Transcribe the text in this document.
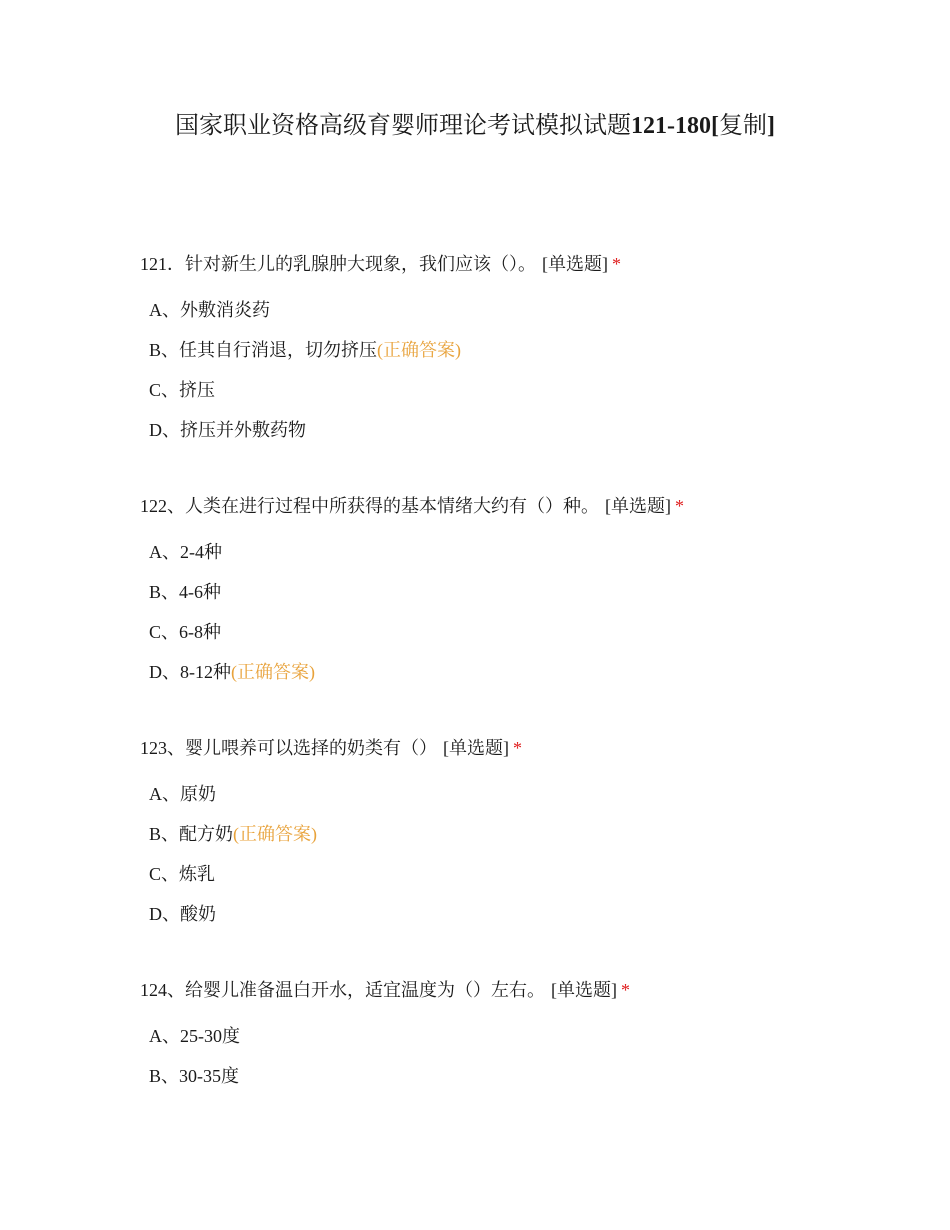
国家职业资格高级育婴师理论考试模拟试题121-180[复制]
121．针对新生儿的乳腺肿大现象，我们应该（）。 [单选题] *
A、外敷消炎药
B、任其自行消退，切勿挤压(正确答案)
C、挤压
D、挤压并外敷药物
122、人类在进行过程中所获得的基本情绪大约有（）种。 [单选题] *
A、2-4种
B、4-6种
C、6-8种
D、8-12种(正确答案)
123、婴儿喂养可以选择的奶类有（） [单选题] *
A、原奶
B、配方奶(正确答案)
C、炼乳
D、酸奶
124、给婴儿准备温白开水，适宜温度为（）左右。 [单选题] *
A、25-30度
B、30-35度
